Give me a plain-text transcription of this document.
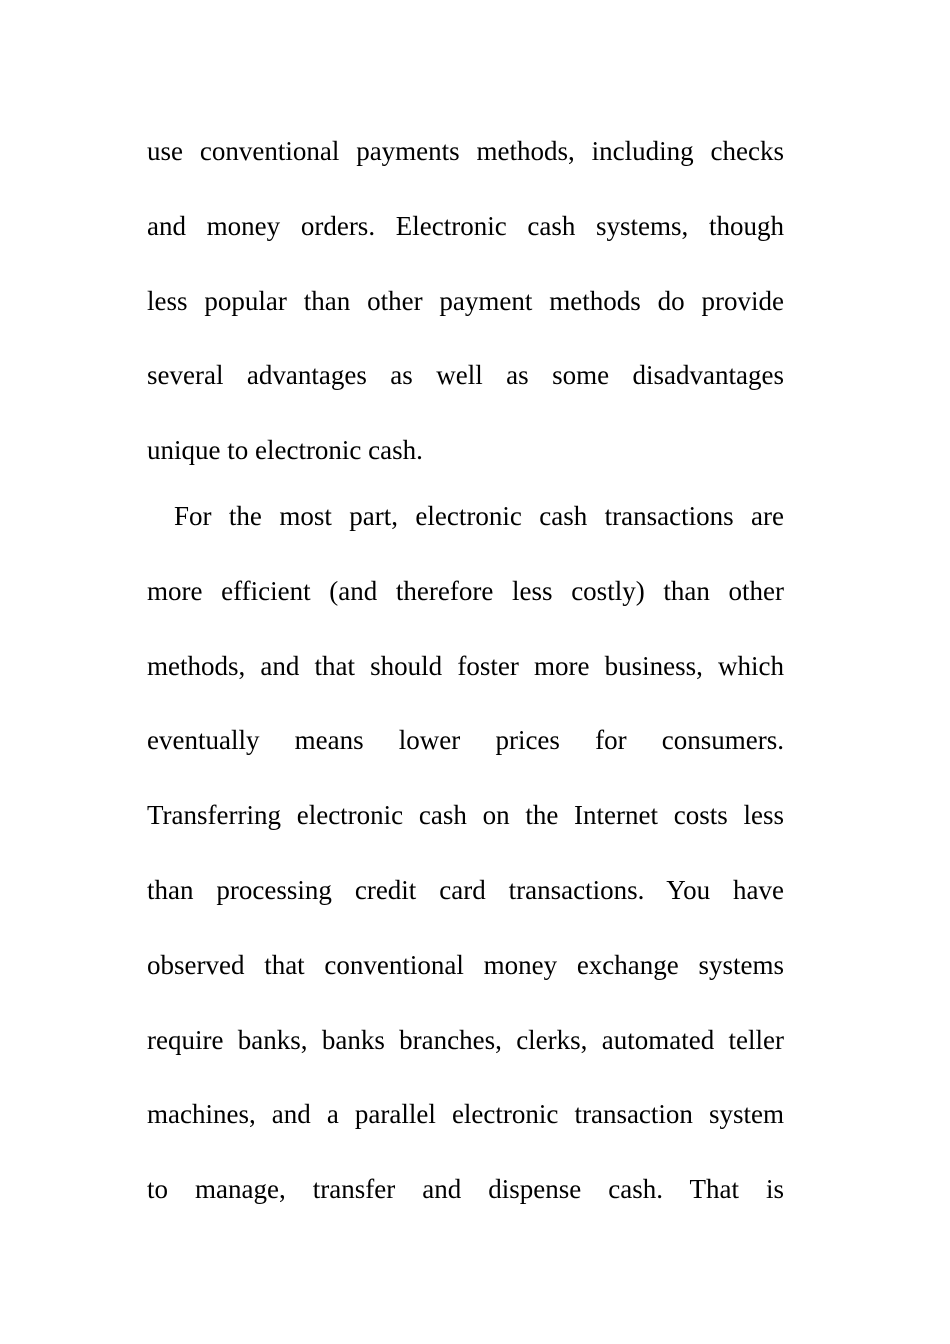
use conventional payments methods, including checks
and money orders. Electronic cash systems, though
less popular than other payment methods do provide
several advantages as well as some disadvantages
unique to electronic cash.
For the most part, electronic cash transactions are
more efficient (and therefore less costly) than other
methods, and that should foster more business, which
eventually means lower prices for consumers.
Transferring electronic cash on the Internet costs less
than processing credit card transactions. You have
observed that conventional money exchange systems
require banks, banks branches, clerks, automated teller
machines, and a parallel electronic transaction system
to manage, transfer and dispense cash. That is
